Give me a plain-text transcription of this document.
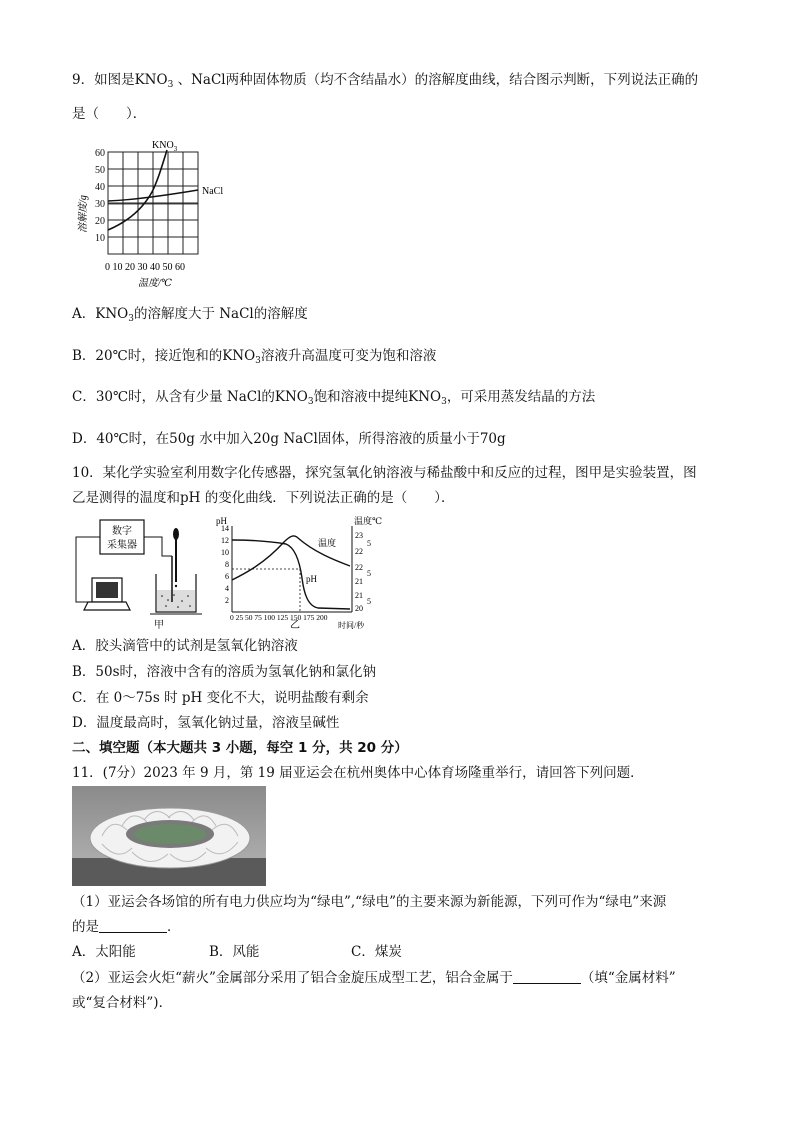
9．如图是$KNO_3$ 、NaCl两种固体物质（均不含结晶水）的溶解度曲线，结合图示判断，下列说法正确的
是（　　）．
60
50
40
30
20
10
溶解度/g
0 10 20 30 40 50 60
温度/℃
$KNO_3$
NaCl
A．$KNO_3$的溶解度大于 NaCl的溶解度
B．20℃时，接近饱和的$KNO_3$溶液升高温度可变为饱和溶液
C．30℃时，从含有少量 NaCl的$KNO_3$饱和溶液中提纯$KNO_3$，可采用蒸发结晶的方法
D．40℃时，在50g 水中加入20g NaCl固体，所得溶液的质量小于70g
10．某化学实验室利用数字化传感器，探究氢氧化钠溶液与稀盐酸中和反应的过程，图甲是实验装置，图
乙是测得的温度和pH 的变化曲线．下列说法正确的是（　　）．
数字
采集器
甲
pH	温度℃
14
12
10
8
6
4
2
23
22
22
21
21
20
5
5
5
温度
pH
0 25 50 75 100 125 150 175 200
时间/秒
乙
A．胶头滴管中的试剂是氢氧化钠溶液
B．50s时，溶液中含有的溶质为氢氧化钠和氯化钠
C．在 0～75s 时 pH 变化不大，说明盐酸有剩余
D．温度最高时，氢氧化钠过量，溶液呈碱性
二、填空题（本大题共 3 小题，每空 1 分，共 20 分）
11．(7分）2023 年 9 月，第 19 届亚运会在杭州奥体中心体育场隆重举行，请回答下列问题．
（1）亚运会各场馆的所有电力供应均为“绿电”,“绿电”的主要来源为新能源，下列可作为“绿电”来源
的是	．
A．太阳能	B．风能	C．煤炭
（2）亚运会火炬“薪火”金属部分采用了铝合金旋压成型工艺，铝合金属于	（填“金属材料”
或“复合材料”)．
